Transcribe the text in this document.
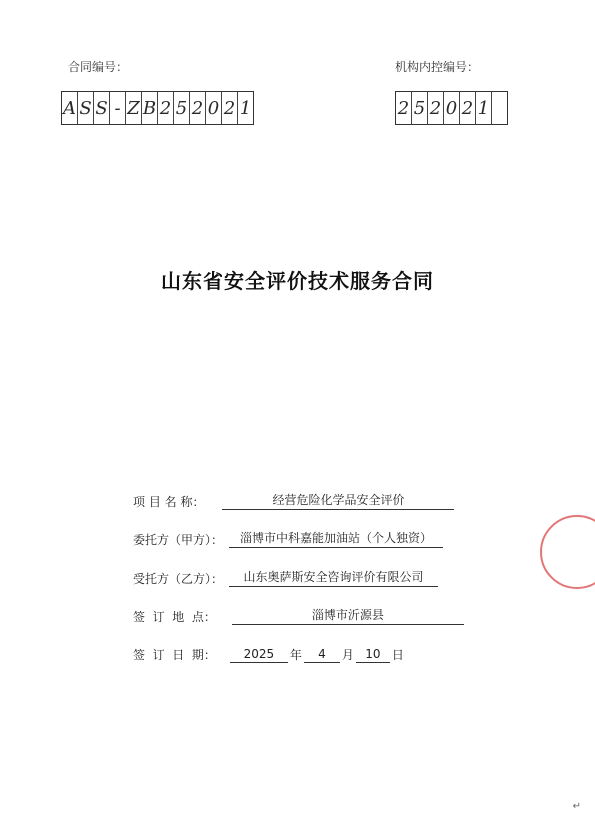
合同编号：
A S S - Z B 2 5 2 0 2 1
机构内控编号：
2 5 2 0 2 1
山东省安全评价技术服务合同
项 目 名 称：	经营危险化学品安全评价
委托方（甲方）：	淄博市中科嘉能加油站（个人独资）
受托方（乙方）：	山东奥萨斯安全咨询评价有限公司
签  订  地  点：	淄博市沂源县
签  订  日  期：	2025	年	4	月 10 日
↵
